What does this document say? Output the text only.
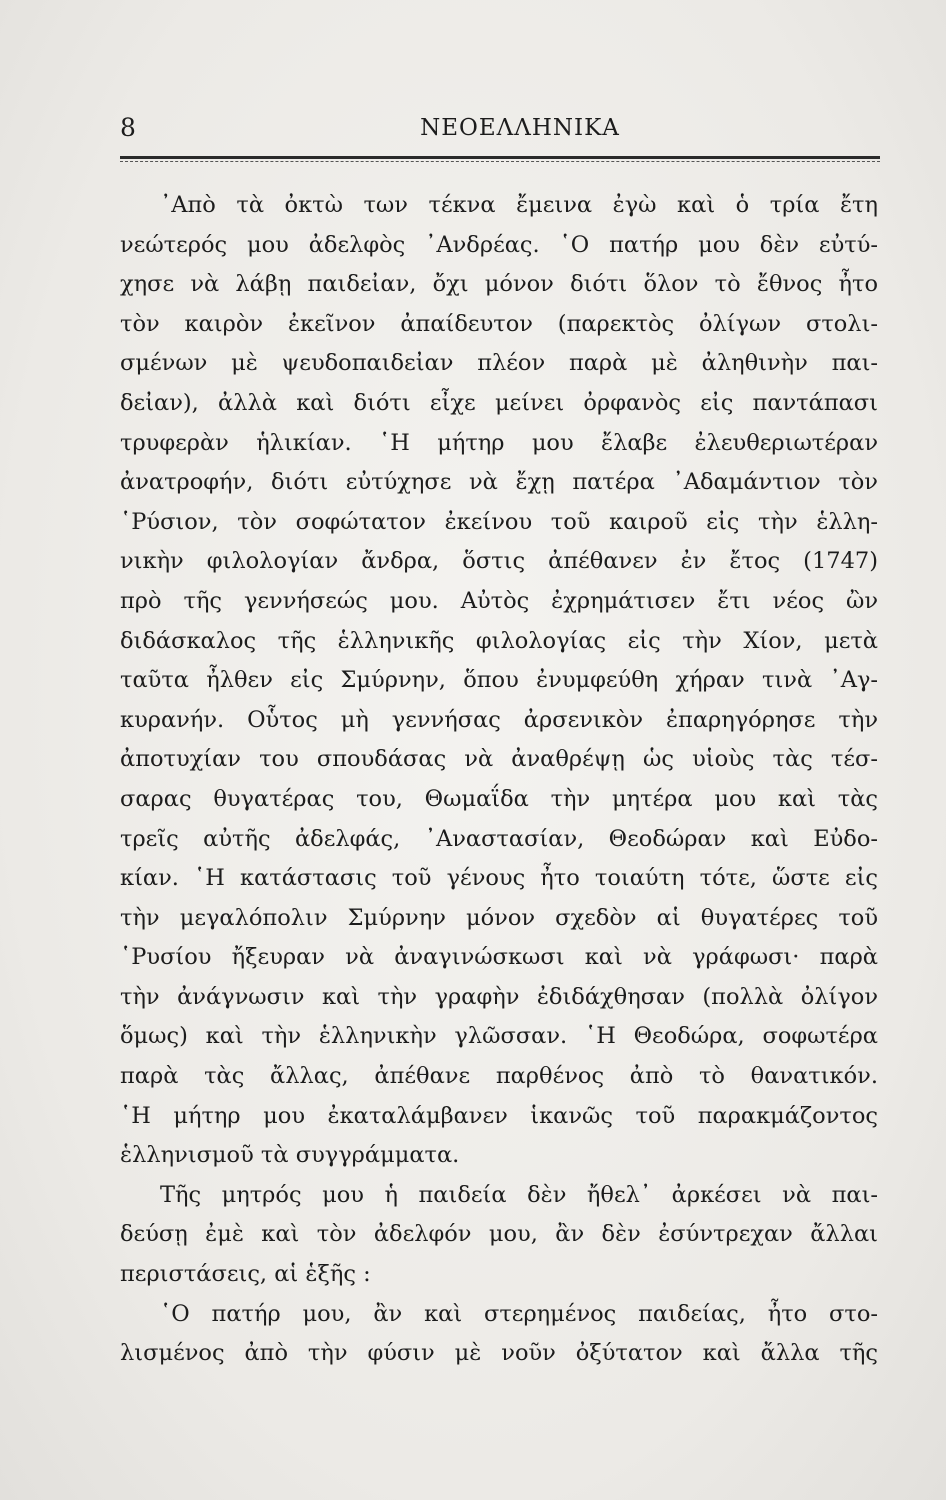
8	ΝΕΟΕΛΛΗΝΙΚΑ
᾿Απὸ τὰ ὀκτὼ των τέκνα ἔμεινα ἐγὼ καὶ ὁ τρία ἔτη
νεώτερός μου ἀδελφὸς ᾿Ανδρέας. ῾Ο πατήρ μου δὲν εὐτύ-
χησε νὰ λάβῃ παιδεἰαν, ὄχι μόνον διότι ὅλον τὸ ἔθνος ἦτο
τὸν καιρὸν ἐκεῖνον ἀπαίδευτον (παρεκτὸς ὀλίγων στολι-
σμένων μὲ ψευδοπαιδεἰαν πλέον παρὰ μὲ ἀληθινὴν παι-
δεἰαν), ἀλλὰ καὶ διότι εἶχε μείνει ὀρφανὸς εἰς παντάπασι
τρυφερὰν ἡλικίαν. ῾Η μήτηρ μου ἔλαβε ἐλευθεριωτέραν
ἀνατροφήν, διότι εὐτύχησε νὰ ἔχῃ πατέρα ᾿Αδαμάντιον τὸν
῾Ρύσιον, τὸν σοφώτατον ἐκείνου τοῦ καιροῦ εἰς τὴν ἑλλη-
νικὴν φιλολογίαν ἄνδρα, ὅστις ἀπέθανεν ἐν ἔτος (1747)
πρὸ τῆς γεννήσεώς μου. Αὐτὸς ἐχρημάτισεν ἔτι νέος ὢν
διδάσκαλος τῆς ἑλληνικῆς φιλολογίας εἰς τὴν Χίον, μετὰ
ταῦτα ἦλθεν εἰς Σμύρνην, ὅπου ἐνυμφεύθη χήραν τινὰ ᾿Αγ-
κυρανήν. Οὗτος μὴ γεννήσας ἀρσενικὸν ἐπαρηγόρησε τὴν
ἀποτυχίαν του σπουδάσας νὰ ἀναθρέψῃ ὡς υἱοὺς τὰς τέσ-
σαρας θυγατέρας του, Θωμαΐδα τὴν μητέρα μου καὶ τὰς
τρεῖς αὐτῆς ἀδελφάς, ᾿Αναστασίαν, Θεοδώραν καὶ Εὐδο-
κίαν. ῾Η κατάστασις τοῦ γένους ἦτο τοιαύτη τότε, ὥστε εἰς
τὴν μεγαλόπολιν Σμύρνην μόνον σχεδὸν αἱ θυγατέρες τοῦ
῾Ρυσίου ἤξευραν νὰ ἀναγινώσκωσι καὶ νὰ γράφωσι· παρὰ
τὴν ἀνάγνωσιν καὶ τὴν γραφὴν ἐδιδάχθησαν (πολλὰ ὀλίγον
ὅμως) καὶ τὴν ἑλληνικὴν γλῶσσαν. ῾Η Θεοδώρα, σοφωτέρα
παρὰ τὰς ἄλλας, ἀπέθανε παρθένος ἀπὸ τὸ θανατικόν.
῾Η μήτηρ μου ἐκαταλάμβανεν ἱκανῶς τοῦ παρακμάζοντος
ἑλληνισμοῦ τὰ συγγράμματα.
Τῆς μητρός μου ἡ παιδεία δὲν ἤθελ᾽ ἀρκέσει νὰ παι-
δεύσῃ ἐμὲ καὶ τὸν ἀδελφόν μου, ἂν δὲν ἐσύντρεχαν ἄλλαι
περιστάσεις, αἱ ἑξῆς :
῾Ο πατήρ μου, ἂν καὶ στερημένος παιδείας, ἦτο στο-
λισμένος ἀπὸ τὴν φύσιν μὲ νοῦν ὀξύτατον καὶ ἄλλα τῆς
